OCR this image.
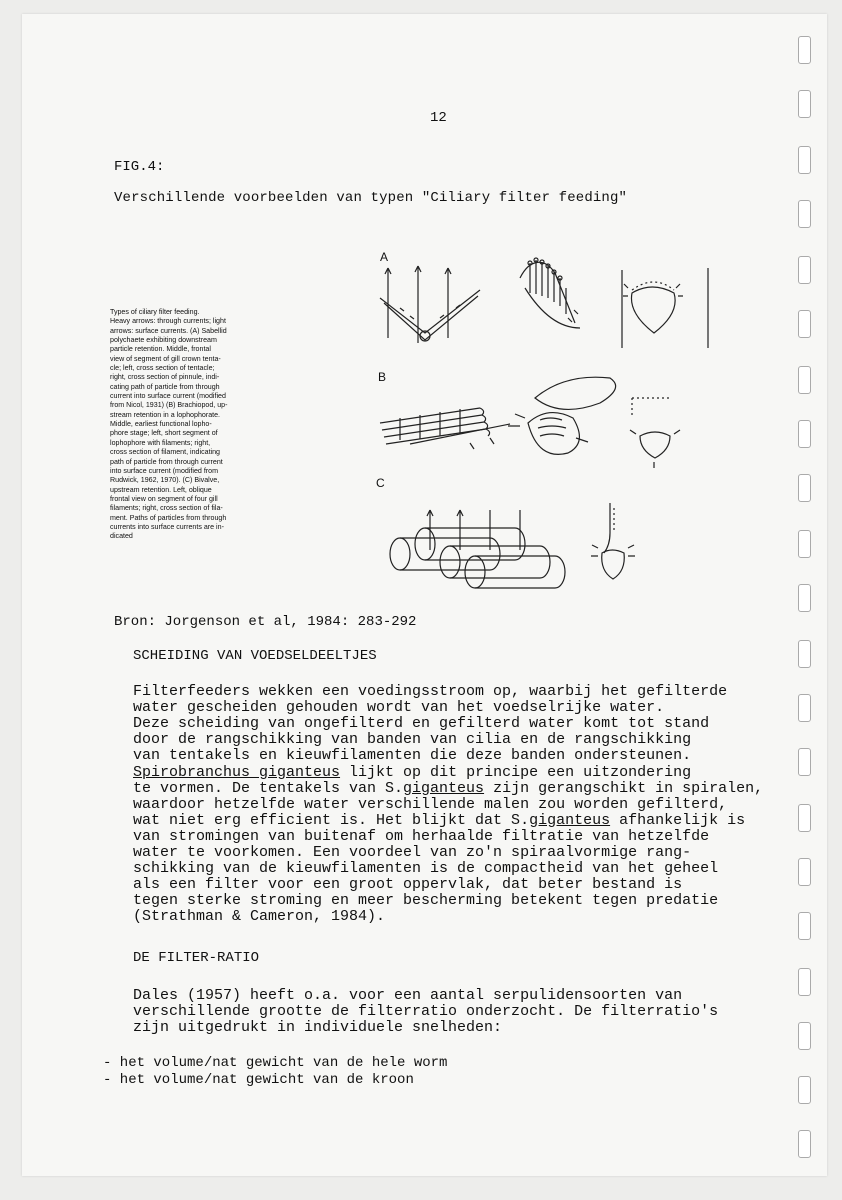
12
FIG.4:
Verschillende voorbeelden van typen "Ciliary filter feeding"
Types of ciliary filter feeding.
Heavy arrows: through currents; light
arrows: surface currents. (A) Sabellid
polychaete exhibiting downstream
particle retention. Middle, frontal
view of segment of gill crown tenta-
cle; left, cross section of tentacle;
right, cross section of pinnule, indi-
cating path of particle from through
current into surface current (modified
from Nicol, 1931) (B) Brachiopod, up-
stream retention in a lophophorate.
Middle, earliest functional lopho-
phore stage; left, short segment of
lophophore with filaments; right,
cross section of filament, indicating
path of particle from through current
into surface current (modified from
Rudwick, 1962, 1970). (C) Bivalve,
upstream retention. Left, oblique
frontal view on segment of four gill
filaments; right, cross section of fila-
ment. Paths of particles from through
currents into surface currents are in-
dicated
A
B
C
Bron: Jorgenson et al, 1984: 283-292
SCHEIDING VAN VOEDSELDEELTJES
Filterfeeders wekken een voedingsstroom op, waarbij het gefilterde
water gescheiden gehouden wordt van het voedselrijke water.
Deze scheiding van ongefilterd en gefilterd water komt tot stand
door de rangschikking van banden van cilia en de rangschikking
van tentakels en kieuwfilamenten die deze banden ondersteunen.
Spirobranchus giganteus lijkt op dit principe een uitzondering
te vormen. De tentakels van S.giganteus zijn gerangschikt in spiralen,
waardoor hetzelfde water verschillende malen zou worden gefilterd,
wat niet erg efficient is. Het blijkt dat S.giganteus afhankelijk is
van stromingen van buitenaf om herhaalde filtratie van hetzelfde
water te voorkomen. Een voordeel van zo'n spiraalvormige rang-
schikking van de kieuwfilamenten is de compactheid van het geheel
als een filter voor een groot oppervlak, dat beter bestand is
tegen sterke stroming en meer bescherming betekent tegen predatie
(Strathman & Cameron, 1984).
DE FILTER-RATIO
Dales (1957) heeft o.a. voor een aantal serpulidensoorten van
verschillende grootte de filterratio onderzocht. De filterratio's
zijn uitgedrukt in individuele snelheden:
- het volume/nat gewicht van de hele worm
- het volume/nat gewicht van de kroon
